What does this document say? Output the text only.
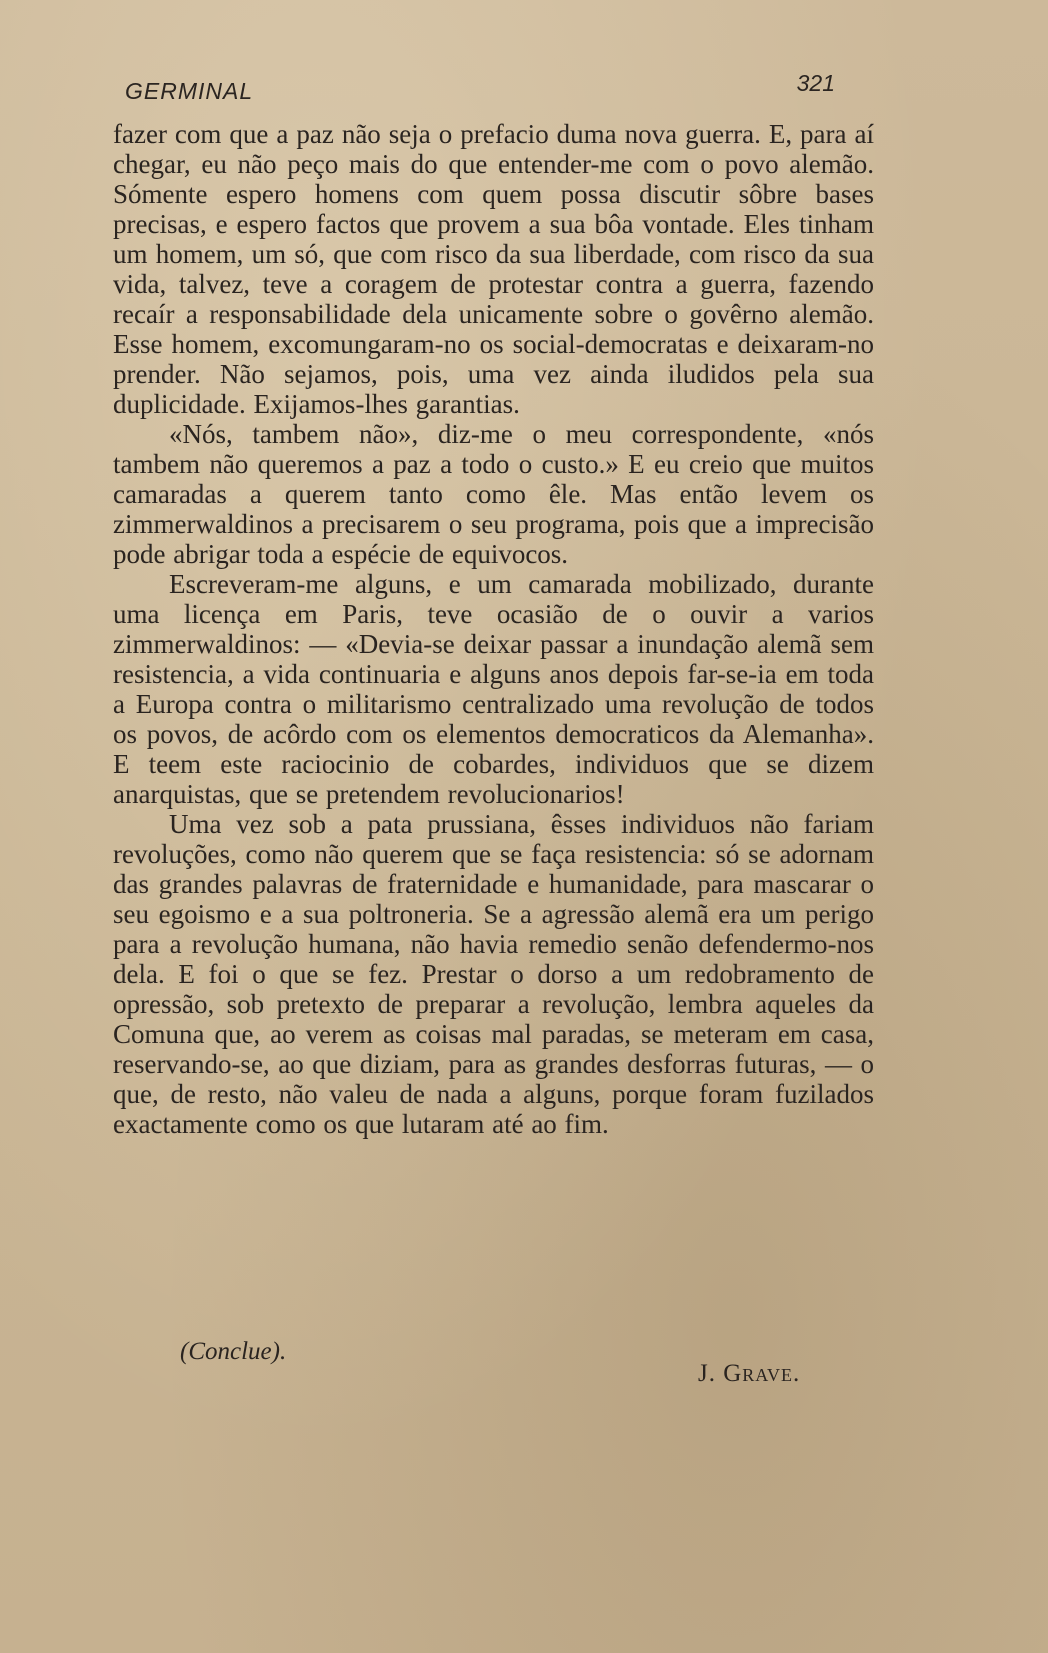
GERMINAL	321

fazer com que a paz não seja o prefacio duma nova guerra. E, para aí chegar, eu não peço mais do que entender-me com o povo alemão. Sómente espero homens com quem possa discutir sôbre bases precisas, e espero factos que provem a sua bôa vontade. Eles tinham um homem, um só, que com risco da sua liberdade, com risco da sua vida, talvez, teve a coragem de protestar contra a guerra, fazendo recaír a responsabilidade dela unicamente sobre o govêrno alemão. Esse homem, excomungaram-no os social-democratas e deixaram-no prender. Não sejamos, pois, uma vez ainda iludidos pela sua duplicidade. Exijamos-lhes garantias.

«Nós, tambem não», diz-me o meu correspondente, «nós tambem não queremos a paz a todo o custo.» E eu creio que muitos camaradas a querem tanto como êle. Mas então levem os zimmerwaldinos a precisarem o seu programa, pois que a imprecisão pode abrigar toda a espécie de equivocos.

Escreveram-me alguns, e um camarada mobilizado, durante uma licença em Paris, teve ocasião de o ouvir a varios zimmerwaldinos: — «Devia-se deixar passar a inundação alemã sem resistencia, a vida continuaria e alguns anos depois far-se-ia em toda a Europa contra o militarismo centralizado uma revolução de todos os povos, de acôrdo com os elementos democraticos da Alemanha». E teem este raciocinio de cobardes, individuos que se dizem anarquistas, que se pretendem revolucionarios!

Uma vez sob a pata prussiana, êsses individuos não fariam revoluções, como não querem que se faça resistencia: só se adornam das grandes palavras de fraternidade e humanidade, para mascarar o seu egoismo e a sua poltroneria. Se a agressão alemã era um perigo para a revolução humana, não havia remedio senão defendermo-nos dela. E foi o que se fez. Prestar o dorso a um redobramento de opressão, sob pretexto de preparar a revolução, lembra aqueles da Comuna que, ao verem as coisas mal paradas, se meteram em casa, reservando-se, ao que diziam, para as grandes desforras futuras, — o que, de resto, não valeu de nada a alguns, porque foram fuzilados exactamente como os que lutaram até ao fim.

(Conclue).
J. Grave.
